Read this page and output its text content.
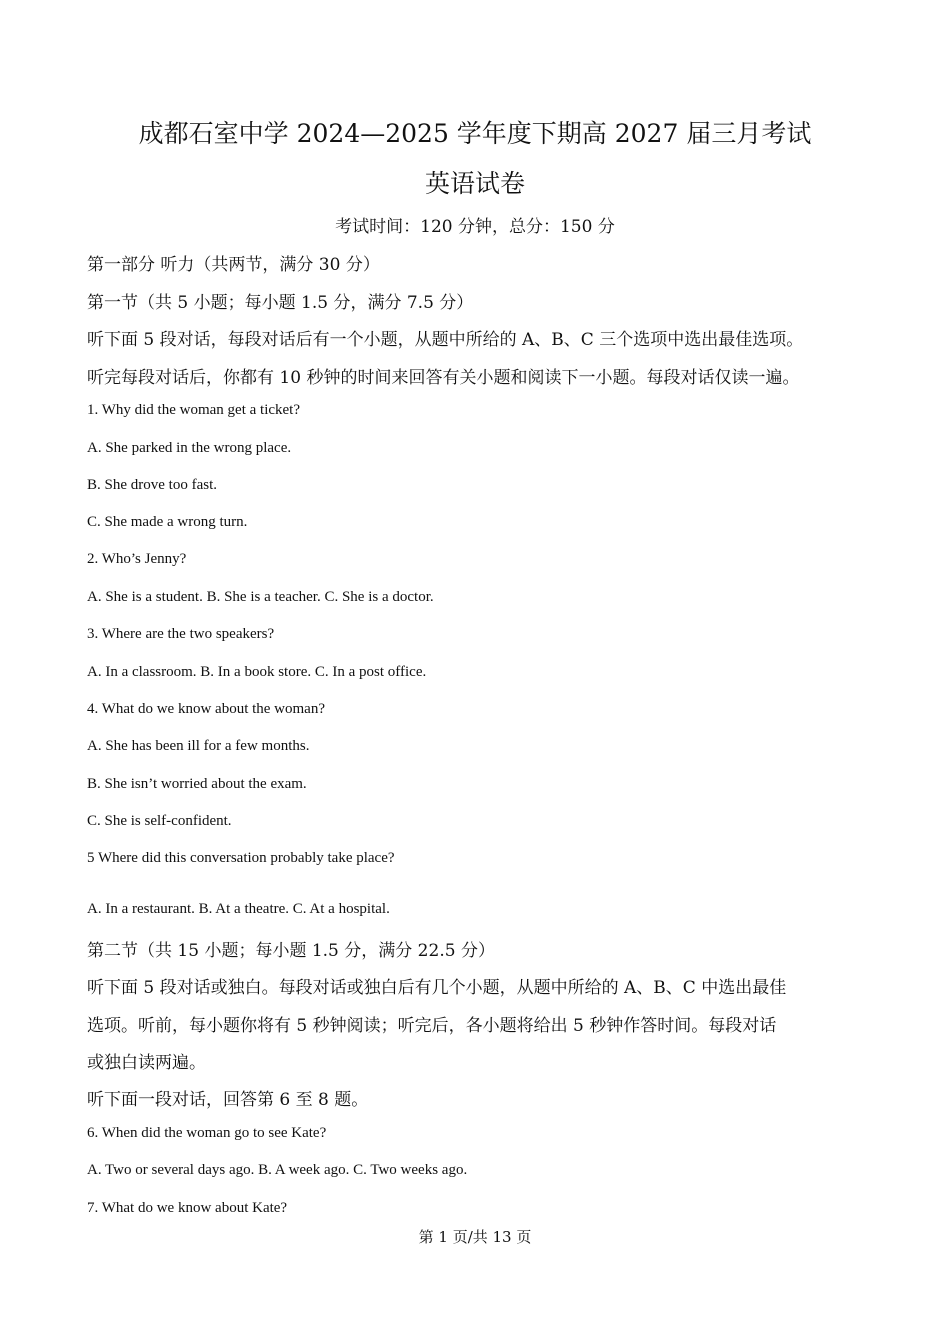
成都石室中学 2024—2025 学年度下期高 2027 届三月考试
英语试卷
考试时间：120 分钟，总分：150 分
第一部分 听力（共两节，满分 30 分）
第一节（共 5 小题；每小题 1.5 分，满分 7.5 分）
听下面 5 段对话，每段对话后有一个小题，从题中所给的 A、B、C 三个选项中选出最佳选项。
听完每段对话后，你都有 10 秒钟的时间来回答有关小题和阅读下一小题。每段对话仅读一遍。
1. Why did the woman get a ticket?
A. She parked in the wrong place.
B. She drove too fast.
C. She made a wrong turn.
2. Who’s Jenny?
A. She is a student. B. She is a teacher. C. She is a doctor.
3. Where are the two speakers?
A. In a classroom. B. In a book store. C. In a post office.
4. What do we know about the woman?
A. She has been ill for a few months.
B. She isn’t worried about the exam.
C. She is self-confident.
5 Where did this conversation probably take place?
A. In a restaurant. B. At a theatre. C. At a hospital.
第二节（共 15 小题；每小题 1.5 分，满分 22.5 分）
听下面 5 段对话或独白。每段对话或独白后有几个小题，从题中所给的 A、B、C 中选出最佳
选项。听前，每小题你将有 5 秒钟阅读；听完后，各小题将给出 5 秒钟作答时间。每段对话
或独白读两遍。
听下面一段对话，回答第 6 至 8 题。
6. When did the woman go to see Kate?
A. Two or several days ago. B. A week ago. C. Two weeks ago.
7. What do we know about Kate?
第 1 页/共 13 页
